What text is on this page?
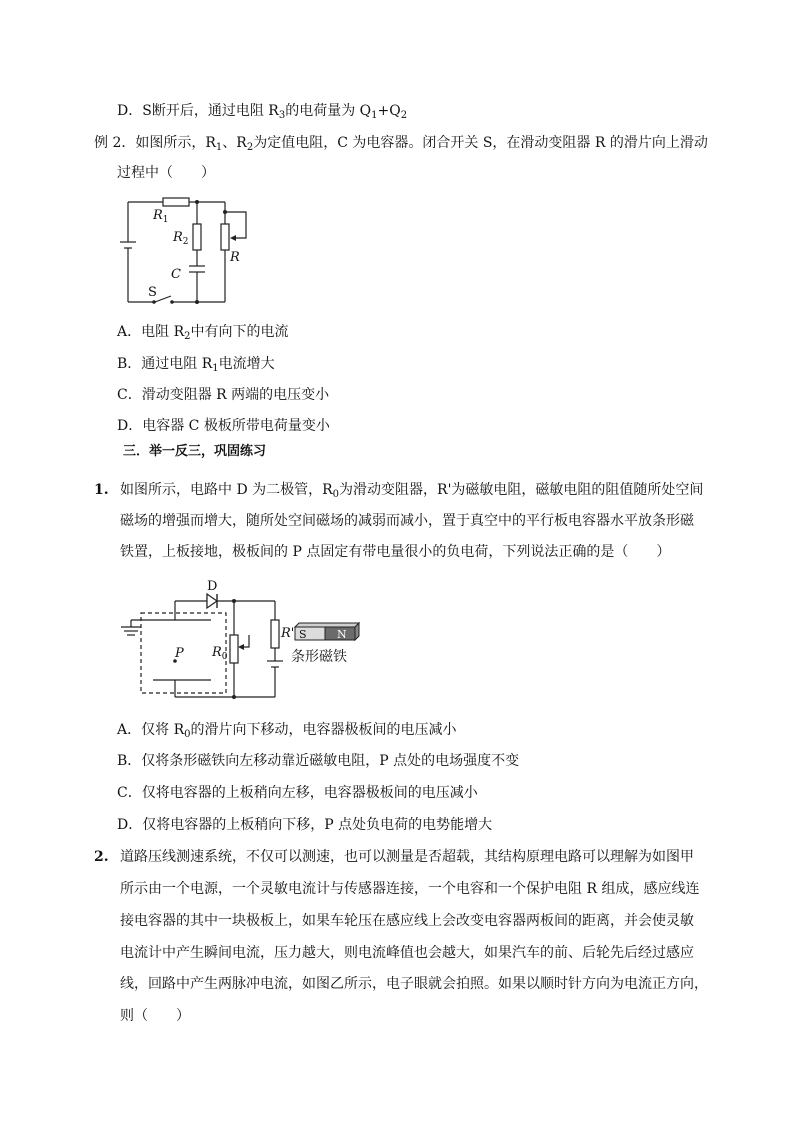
D．S断开后，通过电阻 $R_3$的电荷量为 $Q_1+Q_2$
例 2．如图所示，$R_1$、$R_2$为定值电阻，C 为电容器。闭合开关 S，在滑动变阻器 R 的滑片向上滑动
过程中（　　）
$R_1$
$R_2$
C
R
S
A．电阻 $R_2$中有向下的电流
B．通过电阻 $R_1$电流增大
C．滑动变阻器 R 两端的电压变小
D．电容器 C 极板所带电荷量变小
三．举一反三，巩固练习
1. 如图所示，电路中 D 为二极管，$R_0$为滑动变阻器，R'为磁敏电阻，磁敏电阻的阻值随所处空间
磁场的增强而增大，随所处空间磁场的减弱而减小，置于真空中的平行板电容器水平放条形磁
铁置，上板接地，极板间的 P 点固定有带电量很小的负电荷，下列说法正确的是（　　）
S	N
D
R'
P $R_0$	条形磁铁
A．仅将 $R_0$的滑片向下移动，电容器极板间的电压减小
B．仅将条形磁铁向左移动靠近磁敏电阻，P 点处的电场强度不变
C．仅将电容器的上板稍向左移，电容器极板间的电压减小
D．仅将电容器的上板稍向下移，P 点处负电荷的电势能增大
2. 道路压线测速系统，不仅可以测速，也可以测量是否超载，其结构原理电路可以理解为如图甲
所示由一个电源，一个灵敏电流计与传感器连接，一个电容和一个保护电阻 R 组成，感应线连
接电容器的其中一块极板上，如果车轮压在感应线上会改变电容器两板间的距离，并会使灵敏
电流计中产生瞬间电流，压力越大，则电流峰值也会越大，如果汽车的前、后轮先后经过感应
线，回路中产生两脉冲电流，如图乙所示，电子眼就会拍照。如果以顺时针方向为电流正方向，
则（　　）
